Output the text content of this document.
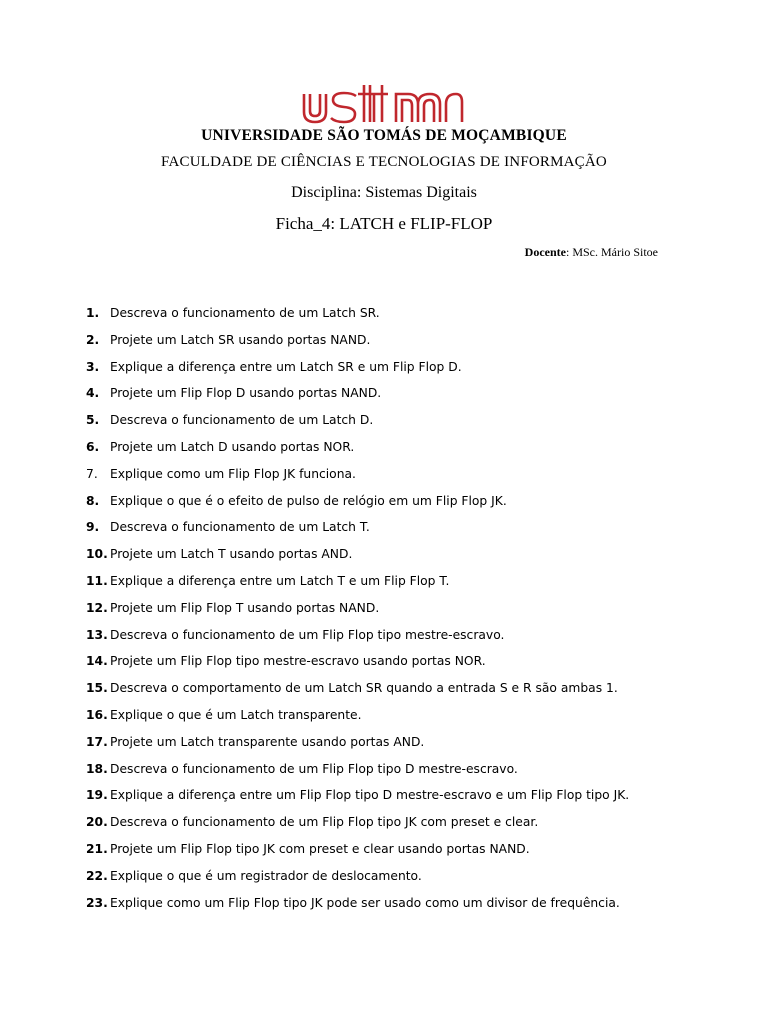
UNIVERSIDADE SÃO TOMÁS DE MOÇAMBIQUE
FACULDADE DE CIÊNCIAS E TECNOLOGIAS DE INFORMAÇÃO
Disciplina: Sistemas Digitais
Ficha_4: LATCH e FLIP-FLOP
Docente: MSc. Mário Sitoe
1. Descreva o funcionamento de um Latch SR.
2. Projete um Latch SR usando portas NAND.
3. Explique a diferença entre um Latch SR e um Flip Flop D.
4. Projete um Flip Flop D usando portas NAND.
5. Descreva o funcionamento de um Latch D.
6. Projete um Latch D usando portas NOR.
7. Explique como um Flip Flop JK funciona.
8. Explique o que é o efeito de pulso de relógio em um Flip Flop JK.
9. Descreva o funcionamento de um Latch T.
10. Projete um Latch T usando portas AND.
11. Explique a diferença entre um Latch T e um Flip Flop T.
12. Projete um Flip Flop T usando portas NAND.
13. Descreva o funcionamento de um Flip Flop tipo mestre-escravo.
14. Projete um Flip Flop tipo mestre-escravo usando portas NOR.
15. Descreva o comportamento de um Latch SR quando a entrada S e R são ambas 1.
16. Explique o que é um Latch transparente.
17. Projete um Latch transparente usando portas AND.
18. Descreva o funcionamento de um Flip Flop tipo D mestre-escravo.
19. Explique a diferença entre um Flip Flop tipo D mestre-escravo e um Flip Flop tipo JK.
20. Descreva o funcionamento de um Flip Flop tipo JK com preset e clear.
21. Projete um Flip Flop tipo JK com preset e clear usando portas NAND.
22. Explique o que é um registrador de deslocamento.
23. Explique como um Flip Flop tipo JK pode ser usado como um divisor de frequência.
